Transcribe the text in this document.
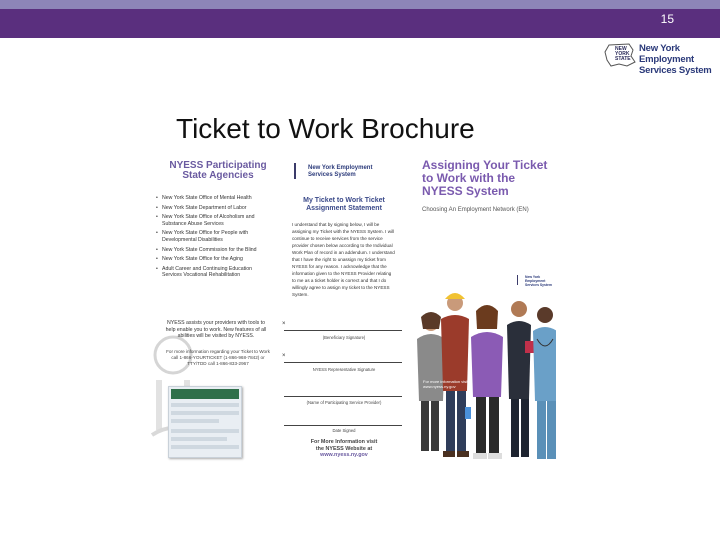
15
NEW
YORK
STATE
New York Employment
Services System
Ticket to Work Brochure
NYESS Participating
State Agencies
• New York State Office of Mental Health
• New York State Department of Labor
• New York State Office of Alcoholism and Substance Abuse Services
• New York State Office for People with Developmental Disabilities
• New York State Commission for the Blind
• New York State Office for the Aging
• Adult Career and Continuing Education Services Vocational Rehabilitation
NYESS assists your providers with tools to help enable you to work. New features of all abilities will be visited by NYESS.
For more information regarding your Ticket to Work call 1-866-YOURTICKET (1-866-968-7842) or TTY/TDD call 1-866-833-2967
New York Employment
Services System
My Ticket to Work Ticket
Assignment Statement
I understand that by signing below, I will be assigning my Ticket with the NYESS System. I will continue to receive services from the service provider chosen below according to the Individual Work Plan of record in an addendum. I understand that I have the right to unassign my ticket from NYESS for any reason. I acknowledge that the information given to the NYESS Provider relating to me as a ticket holder is correct and that I do willingly agree to assign my ticket to the NYESS System.
×
(Beneficiary Signature)
×
NYESS Representative Signature
(Name of Participating Service Provider)
Date Signed
For More Information visit
the NYESS Website at
www.nyess.ny.gov
Assigning Your Ticket
to Work with the
NYESS System
Choosing An Employment Network (EN)
New York Employment
Services System
For more information visit www.nyess.ny.gov
